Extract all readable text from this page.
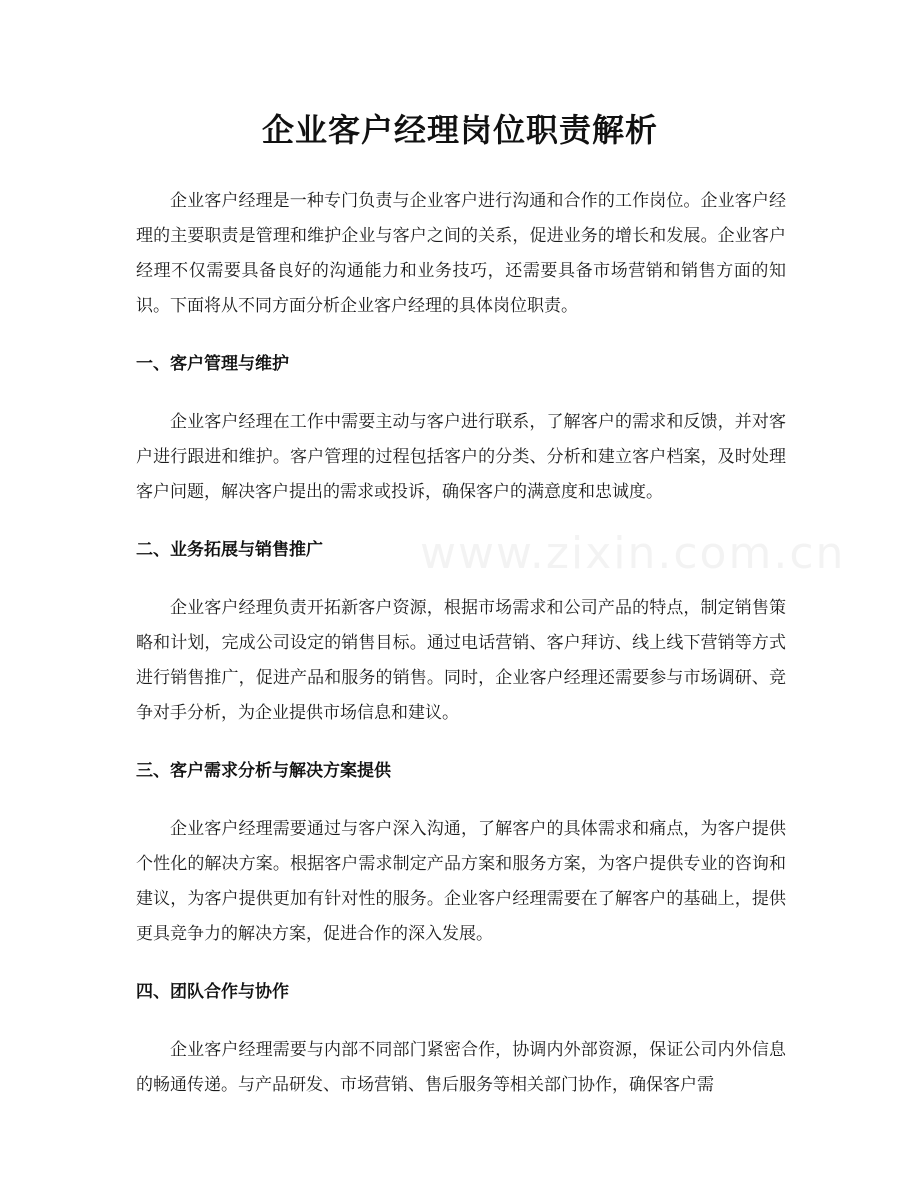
企业客户经理岗位职责解析
www.zixin.com.cn

企业客户经理是一种专门负责与企业客户进行沟通和合作的工作岗位。企业客户经理的主要职责是管理和维护企业与客户之间的关系，促进业务的增长和发展。企业客户经理不仅需要具备良好的沟通能力和业务技巧，还需要具备市场营销和销售方面的知识。下面将从不同方面分析企业客户经理的具体岗位职责。

一、客户管理与维护

企业客户经理在工作中需要主动与客户进行联系，了解客户的需求和反馈，并对客户进行跟进和维护。客户管理的过程包括客户的分类、分析和建立客户档案，及时处理客户问题，解决客户提出的需求或投诉，确保客户的满意度和忠诚度。

二、业务拓展与销售推广

企业客户经理负责开拓新客户资源，根据市场需求和公司产品的特点，制定销售策略和计划，完成公司设定的销售目标。通过电话营销、客户拜访、线上线下营销等方式进行销售推广，促进产品和服务的销售。同时，企业客户经理还需要参与市场调研、竞争对手分析，为企业提供市场信息和建议。

三、客户需求分析与解决方案提供

企业客户经理需要通过与客户深入沟通，了解客户的具体需求和痛点，为客户提供个性化的解决方案。根据客户需求制定产品方案和服务方案，为客户提供专业的咨询和建议，为客户提供更加有针对性的服务。企业客户经理需要在了解客户的基础上，提供更具竞争力的解决方案，促进合作的深入发展。

四、团队合作与协作

企业客户经理需要与内部不同部门紧密合作，协调内外部资源，保证公司内外信息的畅通传递。与产品研发、市场营销、售后服务等相关部门协作，确保客户需
